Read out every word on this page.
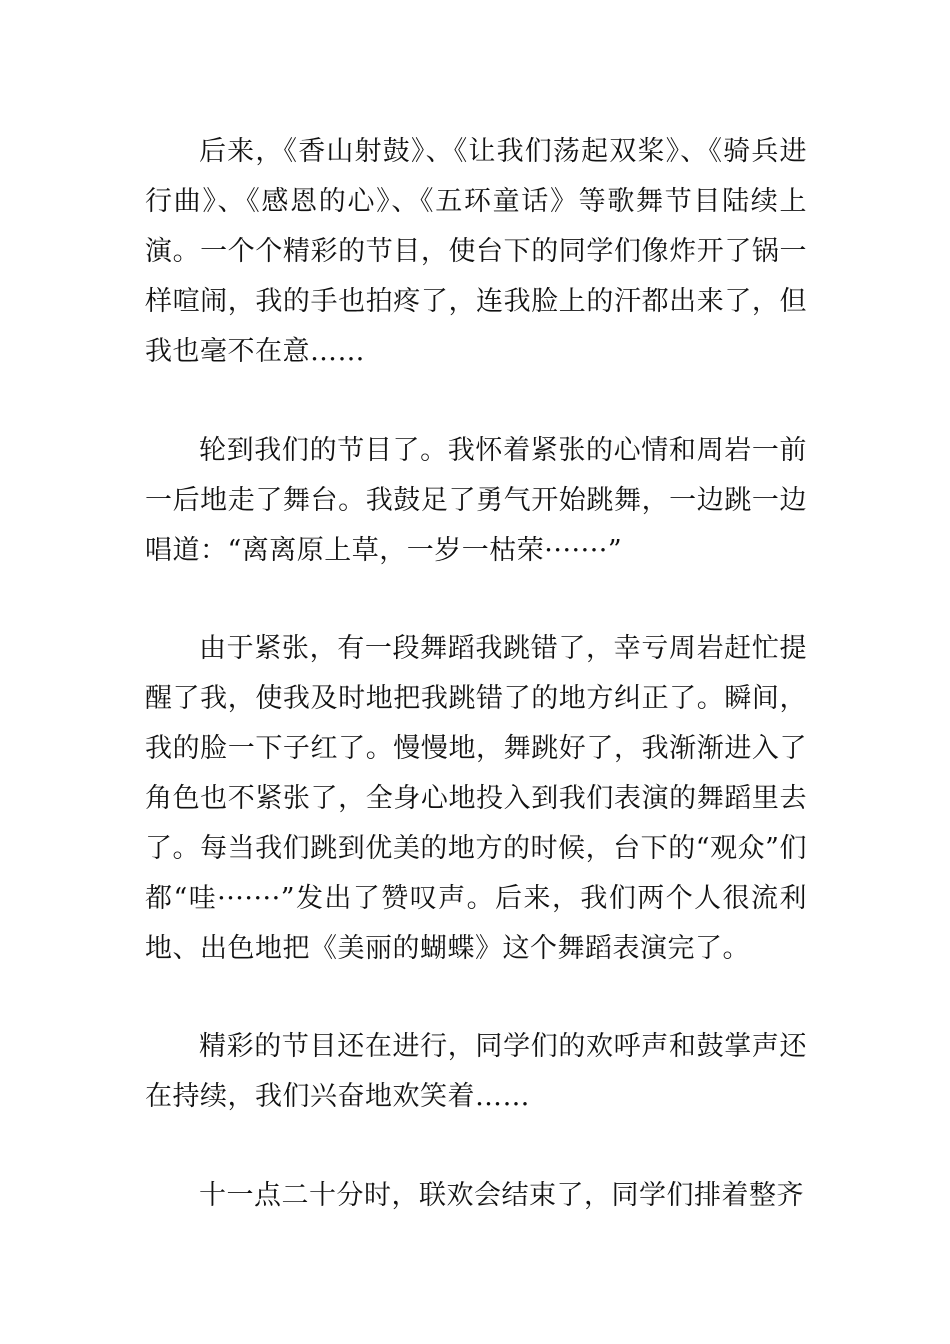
后来，《香山射鼓》、《让我们荡起双桨》、《骑兵进行曲》、《感恩的心》、《五环童话》等歌舞节目陆续上演。一个个精彩的节目，使台下的同学们像炸开了锅一样喧闹，我的手也拍疼了，连我脸上的汗都出来了，但我也毫不在意……

轮到我们的节目了。我怀着紧张的心情和周岩一前一后地走了舞台。我鼓足了勇气开始跳舞，一边跳一边唱道：“离离原上草，一岁一枯荣·······”

由于紧张，有一段舞蹈我跳错了，幸亏周岩赶忙提醒了我，使我及时地把我跳错了的地方纠正了。瞬间，我的脸一下子红了。慢慢地，舞跳好了，我渐渐进入了角色也不紧张了，全身心地投入到我们表演的舞蹈里去了。每当我们跳到优美的地方的时候，台下的“观众”们都“哇·······”发出了赞叹声。后来，我们两个人很流利地、出色地把《美丽的蝴蝶》这个舞蹈表演完了。

精彩的节目还在进行，同学们的欢呼声和鼓掌声还在持续，我们兴奋地欢笑着……

十一点二十分时，联欢会结束了，同学们排着整齐
